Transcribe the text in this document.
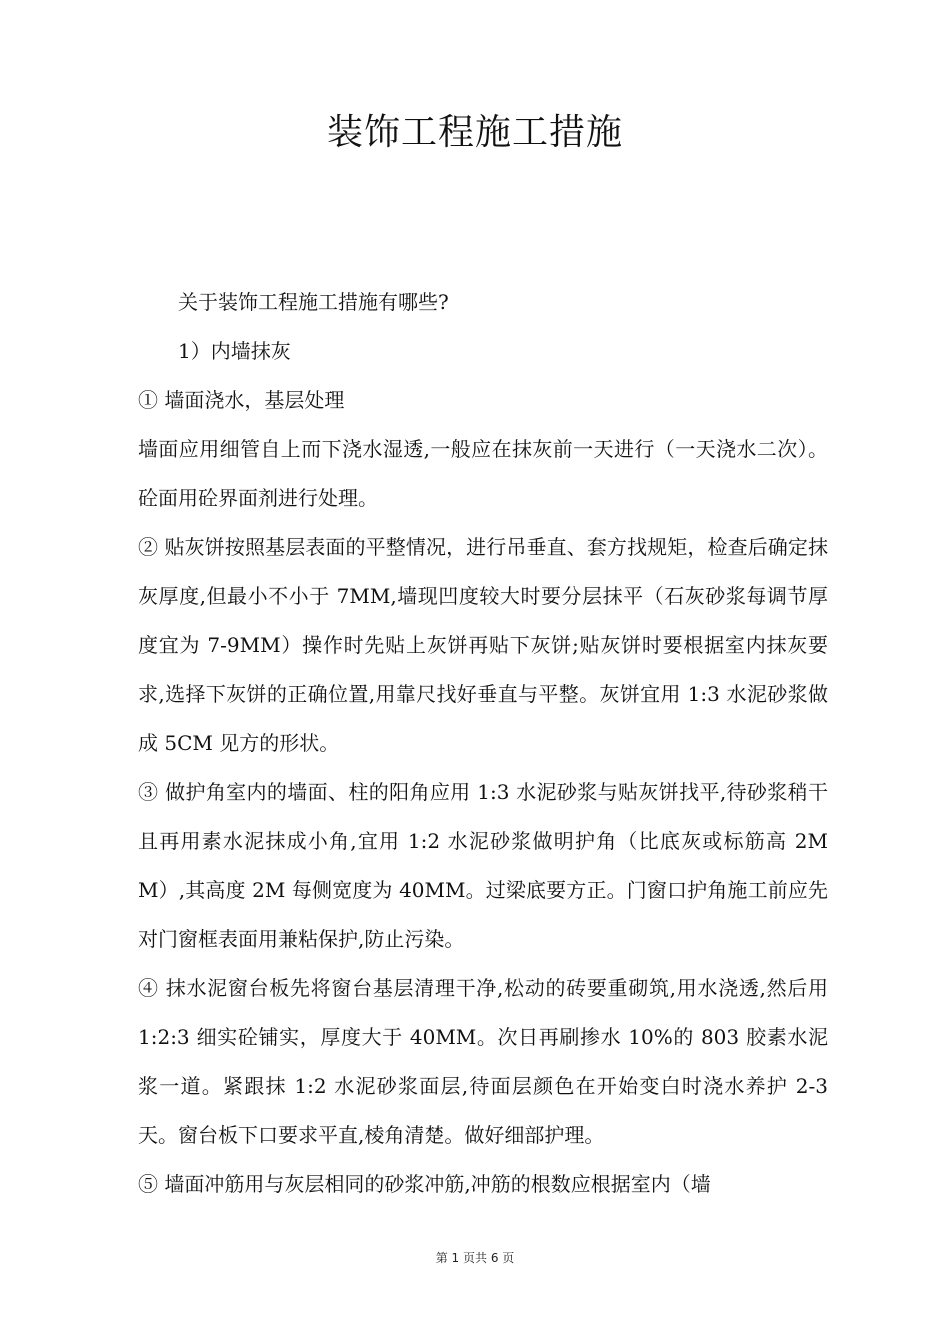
装饰工程施工措施

关于装饰工程施工措施有哪些?

1）内墙抹灰

① 墙面浇水，基层处理

墙面应用细管自上而下浇水湿透,一般应在抹灰前一天进行（一天浇水二次）。砼面用砼界面剂进行处理。

② 贴灰饼按照基层表面的平整情况，进行吊垂直、套方找规矩，检查后确定抹灰厚度,但最小不小于 7MM,墙现凹度较大时要分层抹平（石灰砂浆每调节厚度宜为 7-9MM）操作时先贴上灰饼再贴下灰饼;贴灰饼时要根据室内抹灰要求,选择下灰饼的正确位置,用靠尺找好垂直与平整。灰饼宜用 1:3 水泥砂浆做成 5CM 见方的形状。

③ 做护角室内的墙面、柱的阳角应用 1:3 水泥砂浆与贴灰饼找平,待砂浆稍干且再用素水泥抹成小角,宜用 1:2 水泥砂浆做明护角（比底灰或标筋高 2MM）,其高度 2M 每侧宽度为 40MM。过梁底要方正。门窗口护角施工前应先对门窗框表面用兼粘保护,防止污染。

④ 抹水泥窗台板先将窗台基层清理干净,松动的砖要重砌筑,用水浇透,然后用 1:2:3 细实砼铺实，厚度大于 40MM。次日再刷掺水 10%的 803 胶素水泥浆一道。紧跟抹 1:2 水泥砂浆面层,待面层颜色在开始变白时浇水养护 2-3 天。窗台板下口要求平直,棱角清楚。做好细部护理。

⑤ 墙面冲筋用与灰层相同的砂浆冲筋,冲筋的根数应根据室内（墙

第 1 页共 6 页
